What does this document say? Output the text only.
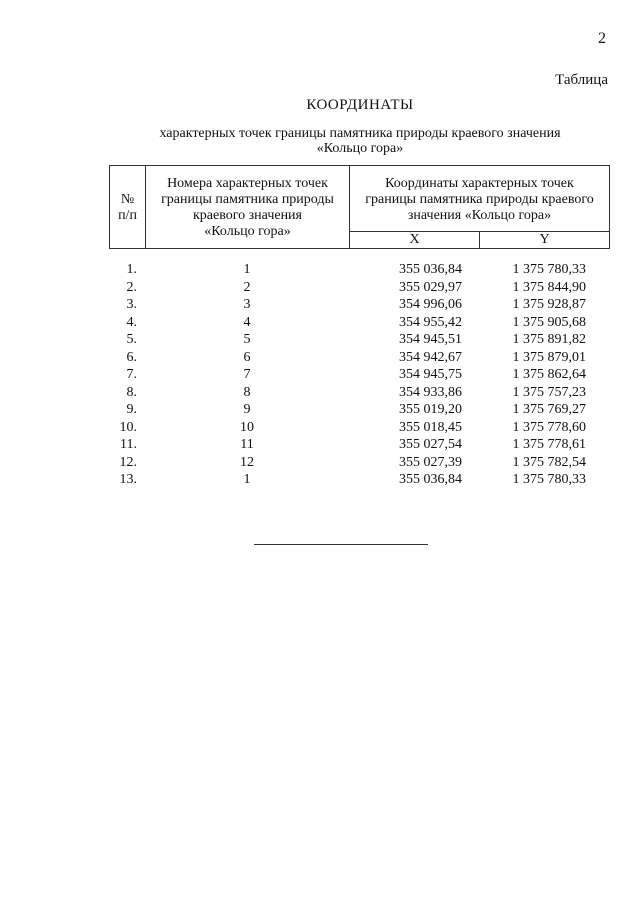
2
Таблица
КООРДИНАТЫ
характерных точек границы памятника природы краевого значения
«Кольцо гора»
№
п/п
Номера характерных точек
границы памятника природы
краевого значения
«Кольцо гора»
Координаты характерных точек
границы памятника природы краевого
значения «Кольцо гора»
X	Y
1.	1	355 036,84	1 375 780,33
2.	2	355 029,97	1 375 844,90
3.	3	354 996,06	1 375 928,87
4.	4	354 955,42	1 375 905,68
5.	5	354 945,51	1 375 891,82
6.	6	354 942,67	1 375 879,01
7.	7	354 945,75	1 375 862,64
8.	8	354 933,86	1 375 757,23
9.	9	355 019,20	1 375 769,27
10.	10	355 018,45	1 375 778,60
11.	11	355 027,54	1 375 778,61
12.	12	355 027,39	1 375 782,54
13.	1	355 036,84	1 375 780,33
